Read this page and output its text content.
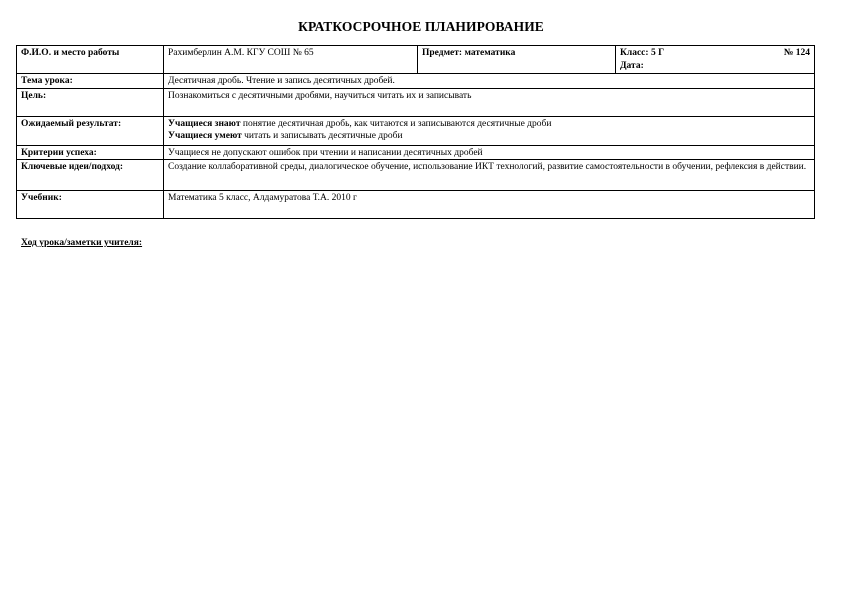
КРАТКОСРОЧНОЕ ПЛАНИРОВАНИЕ
Ф.И.О. и место работы	Рахимберлин А.М. КГУ СОШ № 65	Предмет: математика	Класс: 5 Г № 124
Дата:

Тема урока:	Десятичная дробь. Чтение и запись десятичных дробей.		
Цель:	Познакомиться с десятичными дробями, научиться читать их и записывать		
Ожидаемый результат:	Учащиеся знают понятие десятичная дробь, как читаются и записываются десятичные дроби
Учащиеся умеют читать и записывать десятичные дроби		

Критерии успеха:	Учащиеся не допускают ошибок при чтении и написании десятичных дробей		
Ключевые идеи/подход:	Создание коллаборативной среды, диалогическое обучение, использование ИКТ технологий, развитие самостоятельности в обучении, рефлексия в действии.		
Учебник:	Математика 5 класс, Алдамуратова Т.А. 2010 г		
Ход урока/заметки учителя:
